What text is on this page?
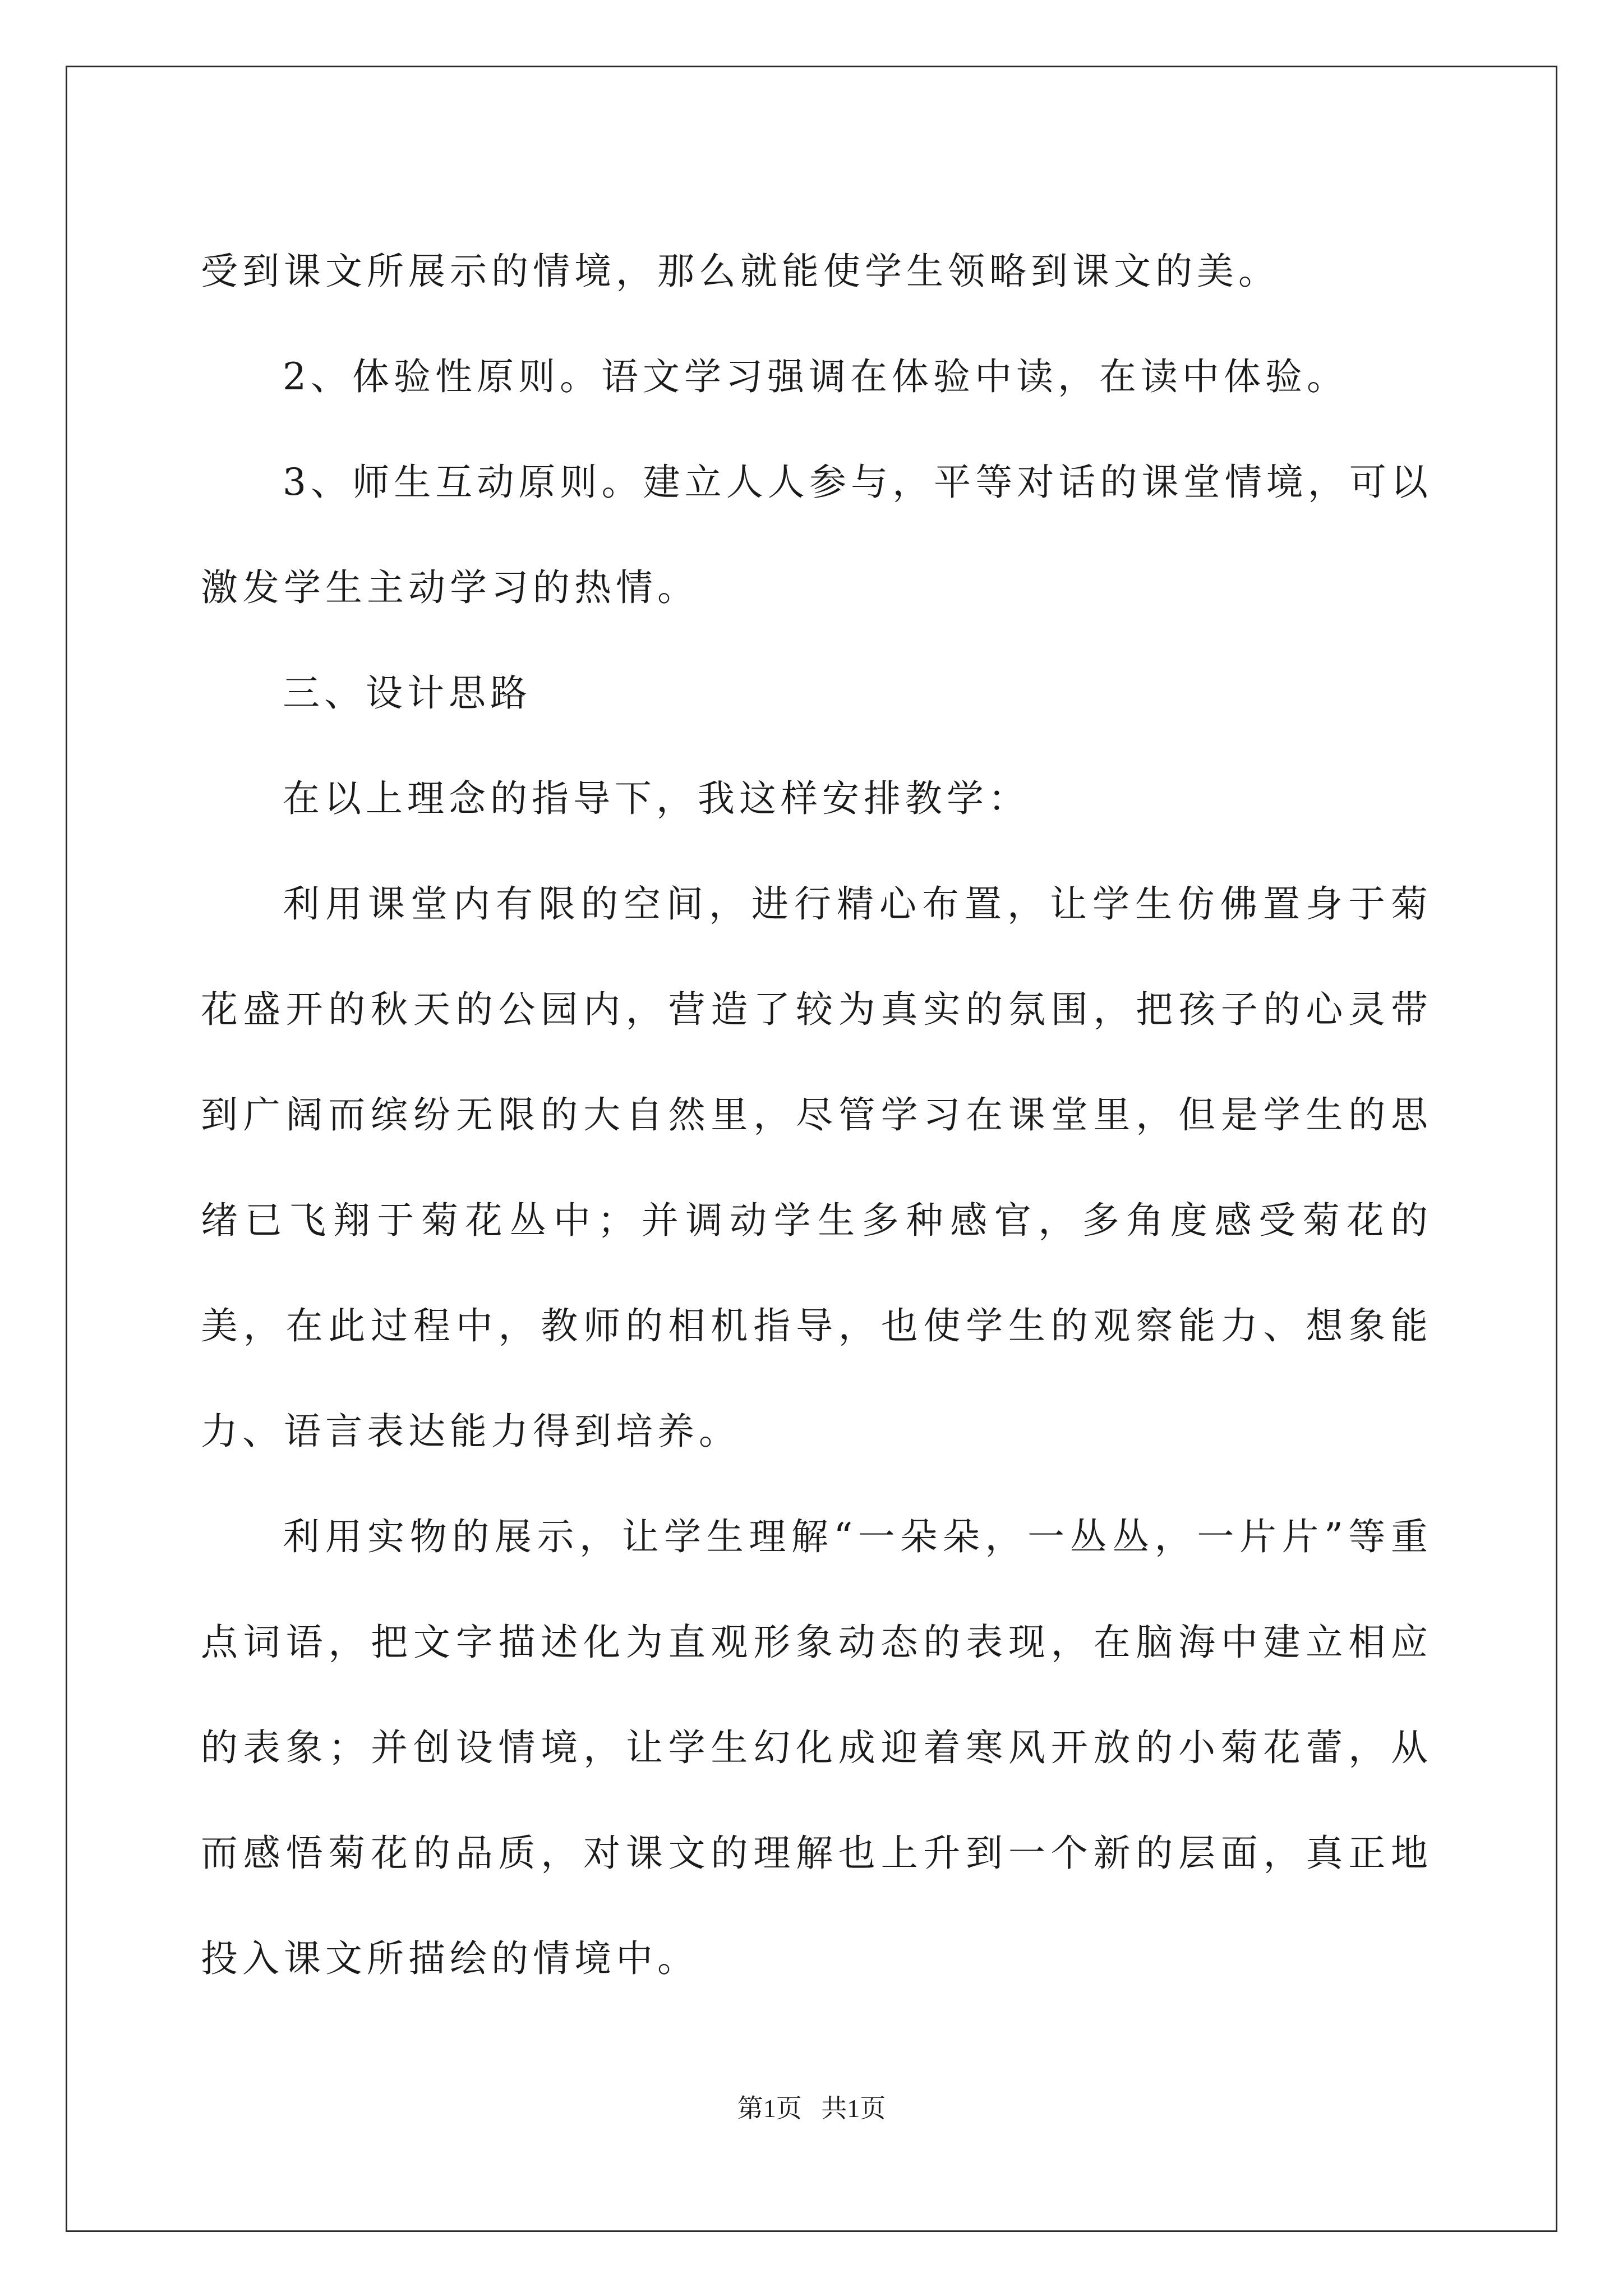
受到课文所展示的情境，那么就能使学生领略到课文的美。

2、体验性原则。语文学习强调在体验中读，在读中体验。

3、师生互动原则。建立人人参与，平等对话的课堂情境，可以激发学生主动学习的热情。

三、设计思路

在以上理念的指导下，我这样安排教学：

利用课堂内有限的空间，进行精心布置，让学生仿佛置身于菊花盛开的秋天的公园内，营造了较为真实的氛围，把孩子的心灵带到广阔而缤纷无限的大自然里，尽管学习在课堂里，但是学生的思绪已飞翔于菊花丛中；并调动学生多种感官，多角度感受菊花的美，在此过程中，教师的相机指导，也使学生的观察能力、想象能力、语言表达能力得到培养。

利用实物的展示，让学生理解“一朵朵，一丛丛，一片片”等重点词语，把文字描述化为直观形象动态的表现，在脑海中建立相应的表象；并创设情境，让学生幻化成迎着寒风开放的小菊花蕾，从而感悟菊花的品质，对课文的理解也上升到一个新的层面，真正地投入课文所描绘的情境中。

第1页   共1页
